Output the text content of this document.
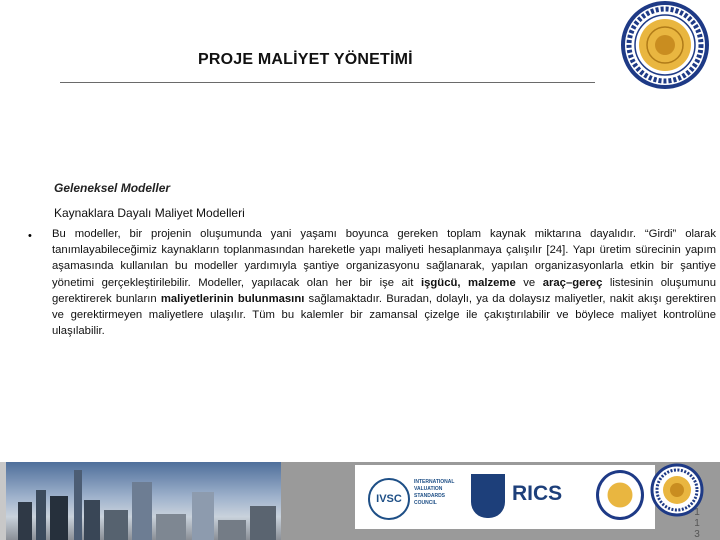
PROJE MALİYET YÖNETİMİ
Geleneksel Modeller
Kaynaklara Dayalı Maliyet Modelleri
• Bu modeller, bir projenin oluşumunda yani yaşamı boyunca gereken toplam kaynak miktarına dayalıdır. “Girdi” olarak tanımlayabileceğimiz kaynakların toplanmasından hareketle yapı maliyeti hesaplanmaya çalışılır [24]. Yapı üretim sürecinin yapım aşamasında kullanılan bu modeller yardımıyla şantiye organizasyonu sağlanarak, yapılan organizasyonlarla etkin bir şantiye yönetimi gerçekleştirilebilir. Modeller, yapılacak olan her bir işe ait işgücü, malzeme ve araç–gereç listesinin oluşumunu gerektirerek bunların maliyetlerinin bulunmasını sağlamaktadır. Buradan, dolaylı, ya da dolaysız maliyetler, nakit akışı gerektiren ve gerektirmeyen maliyetlere ulaşılır. Tüm bu kalemler bir zamansal çizelge ile çakıştırılabilir ve böylece maliyet kontrolüne ulaşılabilir.
IVSC
INTERNATIONAL VALUATION STANDARDS COUNCIL	RICS
1
1
3
